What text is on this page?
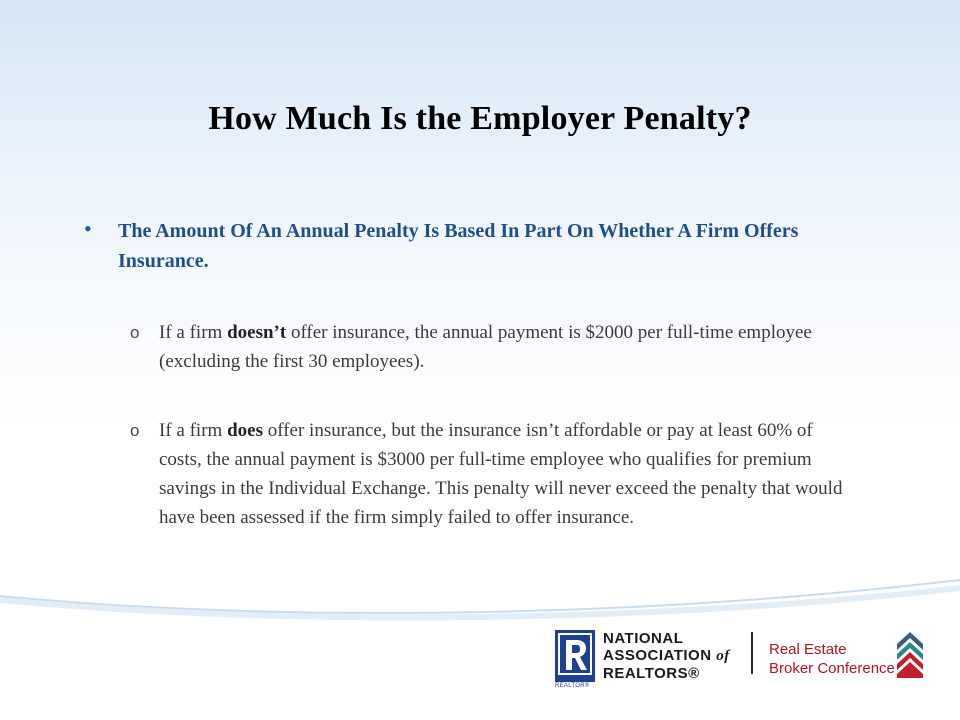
How Much Is the Employer Penalty?
• The Amount Of An Annual Penalty Is Based In Part On Whether A Firm Offers Insurance.
o If a firm doesn’t offer insurance, the annual payment is $2000 per full-time employee (excluding the first 30 employees).
o If a firm does offer insurance, but the insurance isn’t affordable or pay at least 60% of costs, the annual payment is $3000 per full-time employee who qualifies for premium savings in the Individual Exchange. This penalty will never exceed the penalty that would have been assessed if the firm simply failed to offer insurance.
REALTOR®
NATIONAL
ASSOCIATION of
REALTORS®
Real Estate
Broker Conference
